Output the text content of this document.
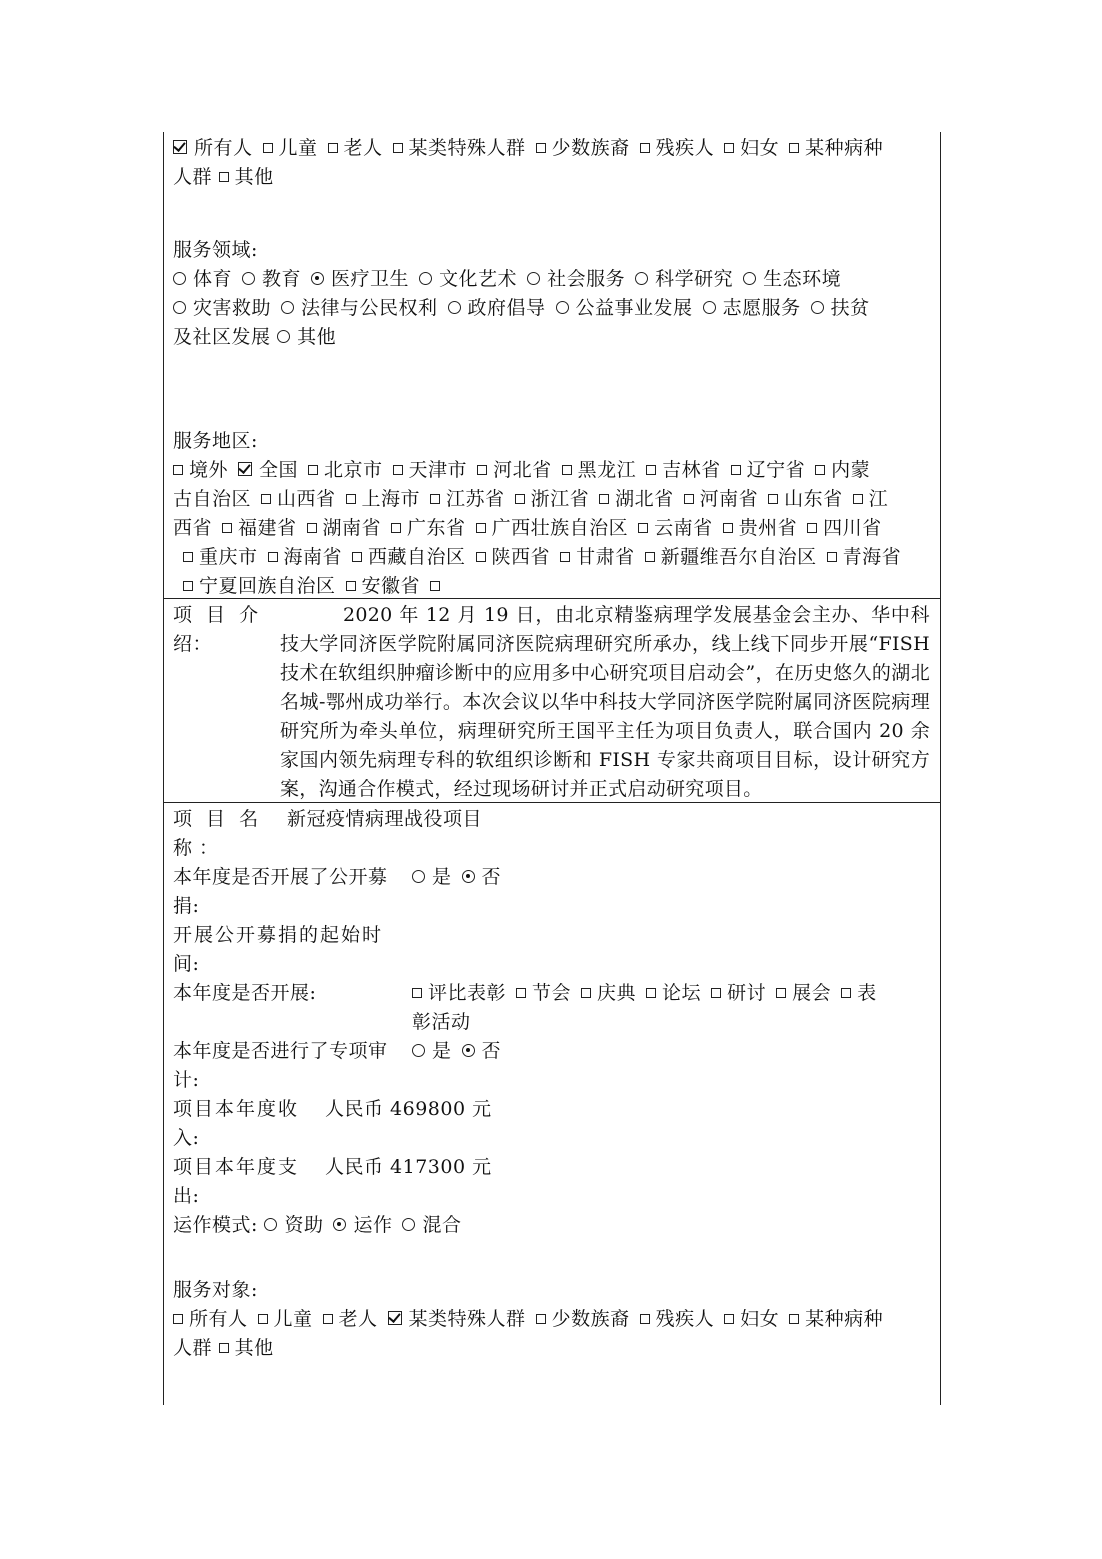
所有人 儿童 老人 某类特殊人群 少数族裔 残疾人 妇女 某种病种
人群 其他
服务领域:
体育 教育 医疗卫生 文化艺术 社会服务 科学研究 生态环境
灾害救助 法律与公民权利 政府倡导 公益事业发展 志愿服务 扶贫
及社区发展 其他
服务地区:
境外 全国 北京市 天津市 河北省 黑龙江 吉林省 辽宁省 内蒙
古自治区 山西省 上海市 江苏省 浙江省 湖北省 河南省 山东省 江
西省 福建省 湖南省 广东省 广西壮族自治区 云南省 贵州省 四川省
重庆市 海南省 西藏自治区 陕西省 甘肃省 新疆维吾尔自治区 青海省
宁夏回族自治区 安徽省
项 目 介
绍：
2020 年 12 月 19 日，由北京精鉴病理学发展基金会主办、华中科技大学同济医学院附属同济医院病理研究所承办，线上线下同步开展“FISH 技术在软组织肿瘤诊断中的应用多中心研究项目启动会”，在历史悠久的湖北名城-鄂州成功举行。本次会议以华中科技大学同济医学院附属同济医院病理研究所为牵头单位，病理研究所王国平主任为项目负责人，联合国内 20 余家国内领先病理专科的软组织诊断和 FISH 专家共商项目目标，设计研究方案，沟通合作模式，经过现场研讨并正式启动研究项目。
项 目 名
称 ：
新冠疫情病理战役项目
本年度是否开展了公开募
捐:
是 否
开展公开募捐的起始时
间:
本年度是否开展:	评比表彰 节会 庆典 论坛 研讨 展会 表
彰活动
本年度是否进行了专项审
计:
是 否
项目本年度收
入:
人民币 469800 元
项目本年度支
出:
人民币 417300 元
运作模式: 资助 运作 混合
服务对象:
所有人 儿童 老人 某类特殊人群 少数族裔 残疾人 妇女 某种病种
人群 其他
